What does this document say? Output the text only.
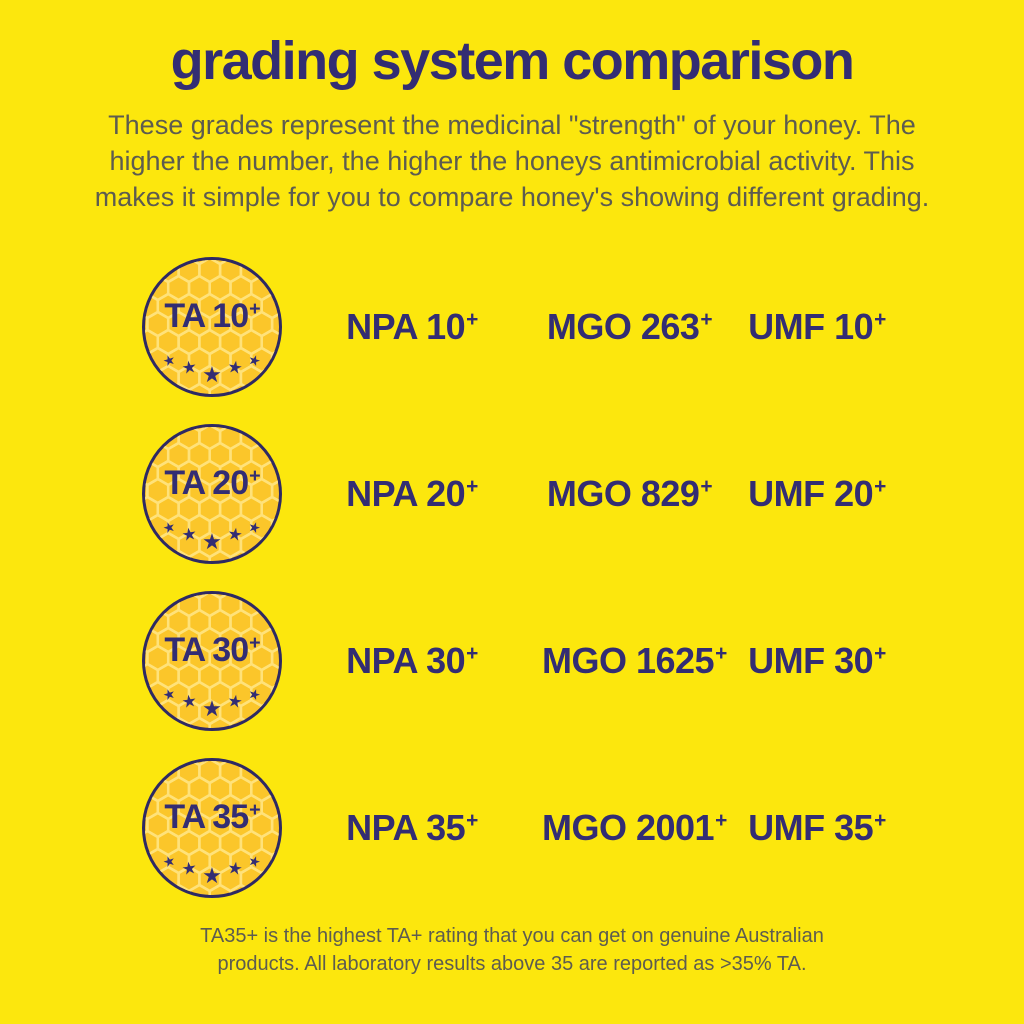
grading system comparison
These grades represent the medicinal "strength" of your honey. The higher the number, the higher the honeys antimicrobial activity. This makes it simple for you to compare honey's showing different grading.
TA 10+
★ ★ ★ ★ ★
NPA 10+	MGO 263+	UMF 10+
TA 20+
★ ★ ★ ★ ★
NPA 20+	MGO 829+	UMF 20+
TA 30+
★ ★ ★ ★ ★
NPA 30+	MGO 1625+ UMF 30+
TA 35+
★ ★ ★ ★ ★
NPA 35+	MGO 2001+ UMF 35+
TA35+ is the highest TA+ rating that you can get on genuine Australian products. All laboratory results above 35 are reported as >35% TA.
